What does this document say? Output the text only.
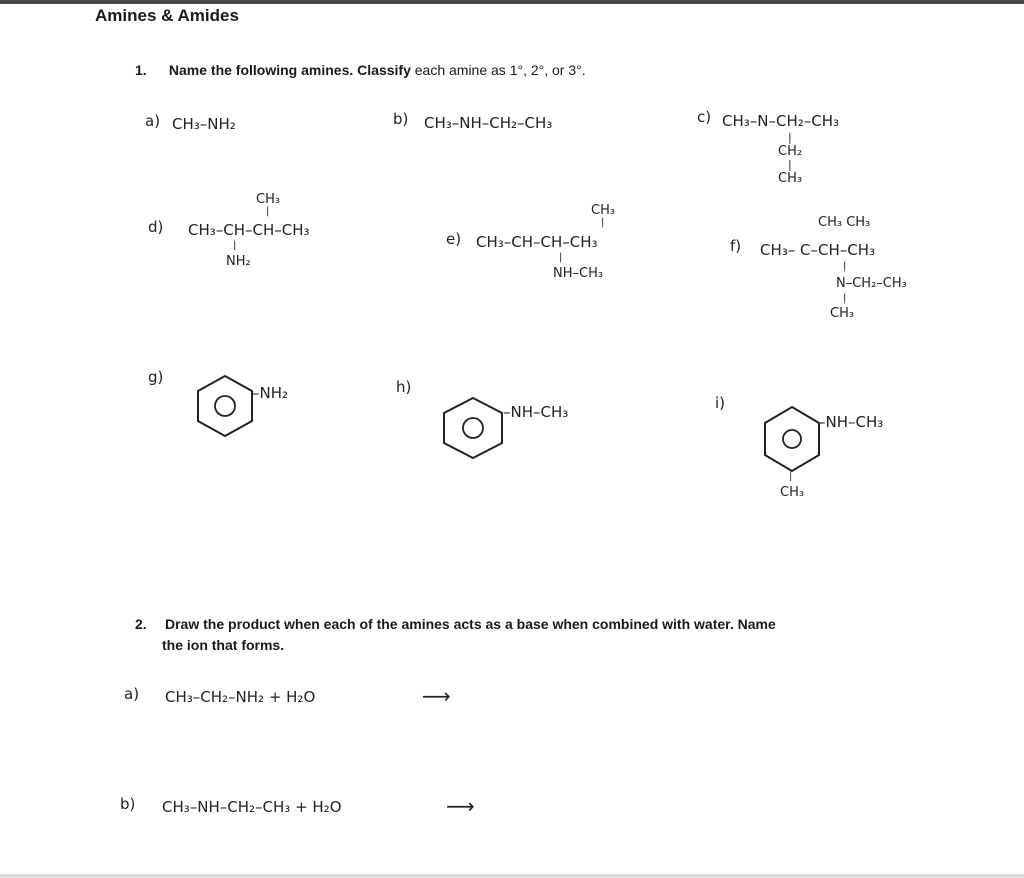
Amines & Amides
1. Name the following amines. Classify each amine as 1°, 2°, or 3°.
a) CH₃–NH₂	b) CH₃–NH–CH₂–CH₃	c) CH₃–N–CH₂–CH₃
|
CH₂
|
CH₃
d)
CH₃
|
CH₃–CH–CH–CH₃
|
NH₂
e)
CH₃
|
CH₃–CH–CH–CH₃
|
NH–CH₃
f)
CH₃ CH₃
CH₃– C–CH–CH₃
|
N–CH₂–CH₃
|
CH₃
g)
–NH₂	h)
–NH–CH₃	i)
–NH–CH₃
|
CH₃
2. Draw the product when each of the amines acts as a base when combined with water. Name
the ion that forms.
a) CH₃–CH₂–NH₂ + H₂O	⟶
b) CH₃–NH–CH₂–CH₃ + H₂O	⟶
